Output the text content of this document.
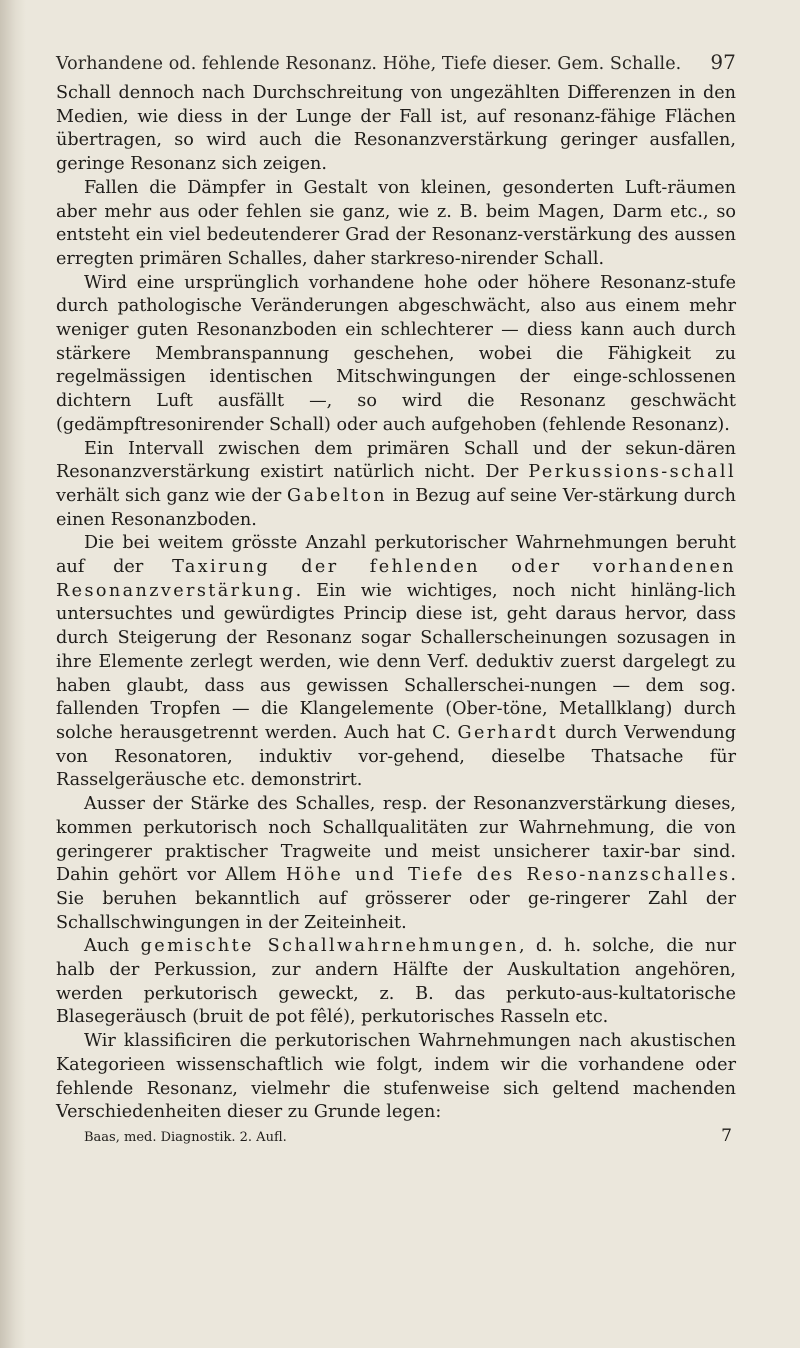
Vorhandene od. fehlende Resonanz. Höhe, Tiefe dieser. Gem. Schalle. 97

Schall dennoch nach Durchschreitung von ungezählten Differenzen in den Medien, wie diess in der Lunge der Fall ist, auf resonanz-fähige Flächen übertragen, so wird auch die Resonanzverstärkung geringer ausfallen, geringe Resonanz sich zeigen.

Fallen die Dämpfer in Gestalt von kleinen, gesonderten Luft-räumen aber mehr aus oder fehlen sie ganz, wie z. B. beim Magen, Darm etc., so entsteht ein viel bedeutenderer Grad der Resonanz-verstärkung des aussen erregten primären Schalles, daher starkreso-nirender Schall.

Wird eine ursprünglich vorhandene hohe oder höhere Resonanz-stufe durch pathologische Veränderungen abgeschwächt, also aus einem mehr weniger guten Resonanzboden ein schlechterer — diess kann auch durch stärkere Membranspannung geschehen, wobei die Fähigkeit zu regelmässigen identischen Mitschwingungen der einge-schlossenen dichtern Luft ausfällt —, so wird die Resonanz geschwächt (gedämpftresonirender Schall) oder auch aufgehoben (fehlende Resonanz).

Ein Intervall zwischen dem primären Schall und der sekun-dären Resonanzverstärkung existirt natürlich nicht. Der Perkussions-schall verhält sich ganz wie der Gabelton in Bezug auf seine Ver-stärkung durch einen Resonanzboden.

Die bei weitem grösste Anzahl perkutorischer Wahrnehmungen beruht auf der Taxirung der fehlenden oder vorhandenen Resonanzverstärkung. Ein wie wichtiges, noch nicht hinläng-lich untersuchtes und gewürdigtes Princip diese ist, geht daraus hervor, dass durch Steigerung der Resonanz sogar Schallerscheinungen sozusagen in ihre Elemente zerlegt werden, wie denn Verf. deduktiv zuerst dargelegt zu haben glaubt, dass aus gewissen Schallerschei-nungen — dem sog. fallenden Tropfen — die Klangelemente (Ober-töne, Metallklang) durch solche herausgetrennt werden. Auch hat C. Gerhardt durch Verwendung von Resonatoren, induktiv vor-gehend, dieselbe Thatsache für Rasselgeräusche etc. demonstrirt.

Ausser der Stärke des Schalles, resp. der Resonanzverstärkung dieses, kommen perkutorisch noch Schallqualitäten zur Wahrnehmung, die von geringerer praktischer Tragweite und meist unsicherer taxir-bar sind. Dahin gehört vor Allem Höhe und Tiefe des Reso-nanzschalles. Sie beruhen bekanntlich auf grösserer oder ge-ringerer Zahl der Schallschwingungen in der Zeiteinheit.

Auch gemischte Schallwahrnehmungen, d. h. solche, die nur halb der Perkussion, zur andern Hälfte der Auskultation angehören, werden perkutorisch geweckt, z. B. das perkuto-aus-kultatorische Blasegeräusch (bruit de pot fêlé), perkutorisches Rasseln etc.

Wir klassificiren die perkutorischen Wahrnehmungen nach akustischen Kategorieen wissenschaftlich wie folgt, indem wir die vorhandene oder fehlende Resonanz, vielmehr die stufenweise sich geltend machenden Verschiedenheiten dieser zu Grunde legen:

Baas, med. Diagnostik. 2. Aufl.	7
